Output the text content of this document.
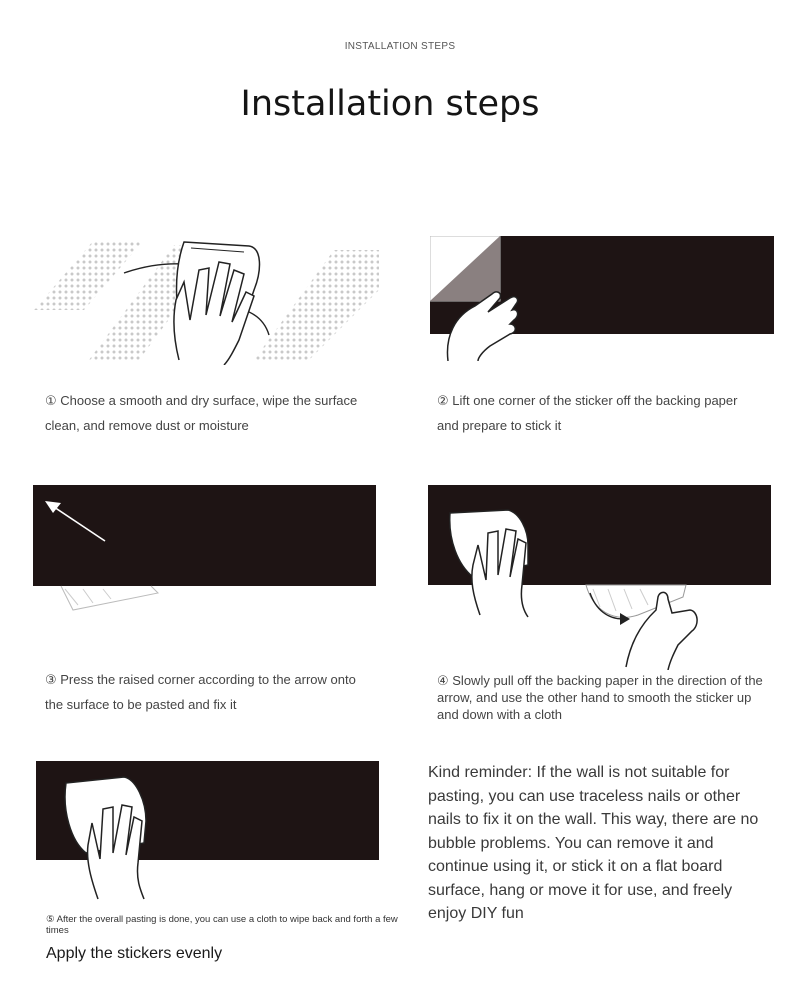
INSTALLATION STEPS
Installation steps
① Choose a smooth and dry surface, wipe the surface clean, and remove dust or moisture
② Lift one corner of the sticker off the backing paper and prepare to stick it
③ Press the raised corner according to the arrow onto the surface to be pasted and fix it
④ Slowly pull off the backing paper in the direction of the arrow, and use the other hand to smooth the sticker up and down with a cloth
⑤ After the overall pasting is done, you can use a cloth to wipe back and forth a few times
Apply the stickers evenly
Kind reminder: If the wall is not suitable for pasting, you can use traceless nails or other nails to fix it on the wall. This way, there are no bubble problems. You can remove it and continue using it, or stick it on a flat board surface, hang or move it for use, and freely enjoy DIY fun
